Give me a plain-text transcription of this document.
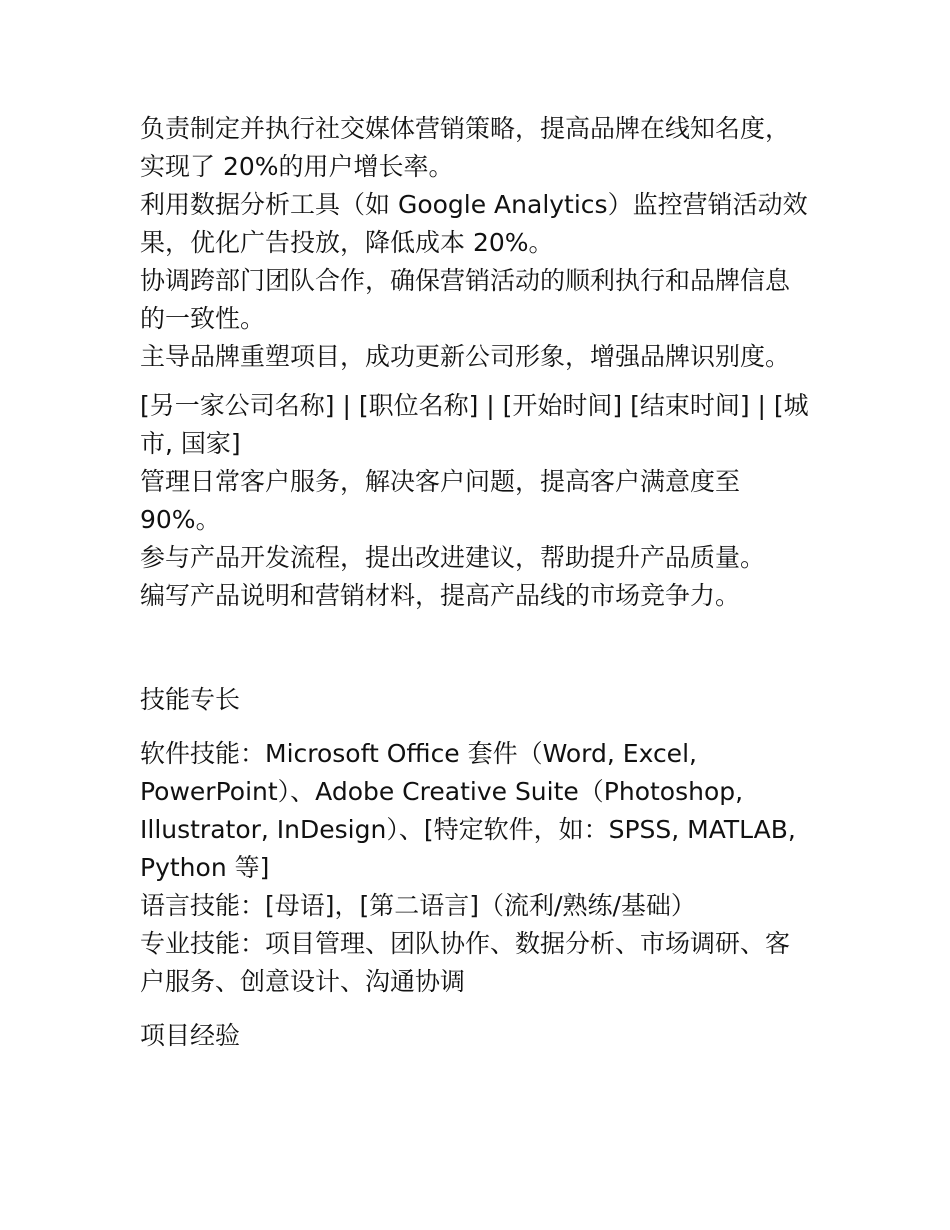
负责制定并执行社交媒体营销策略，提高品牌在线知名度，
实现了 20%的用户增长率。
利用数据分析工具（如 Google Analytics）监控营销活动效
果，优化广告投放，降低成本 20%。
协调跨部门团队合作，确保营销活动的顺利执行和品牌信息
的一致性。
主导品牌重塑项目，成功更新公司形象，增强品牌识别度。
[另一家公司名称] | [职位名称] | [开始时间] [结束时间] | [城
市, 国家]
管理日常客户服务，解决客户问题，提高客户满意度至
90%。
参与产品开发流程，提出改进建议，帮助提升产品质量。
编写产品说明和营销材料，提高产品线的市场竞争力。
技能专长
软件技能：Microsoft Office 套件（Word, Excel,
PowerPoint）、Adobe Creative Suite（Photoshop,
Illustrator, InDesign）、[特定软件，如：SPSS, MATLAB,
Python 等]
语言技能：[母语]，[第二语言]（流利/熟练/基础）
专业技能：项目管理、团队协作、数据分析、市场调研、客
户服务、创意设计、沟通协调
项目经验
